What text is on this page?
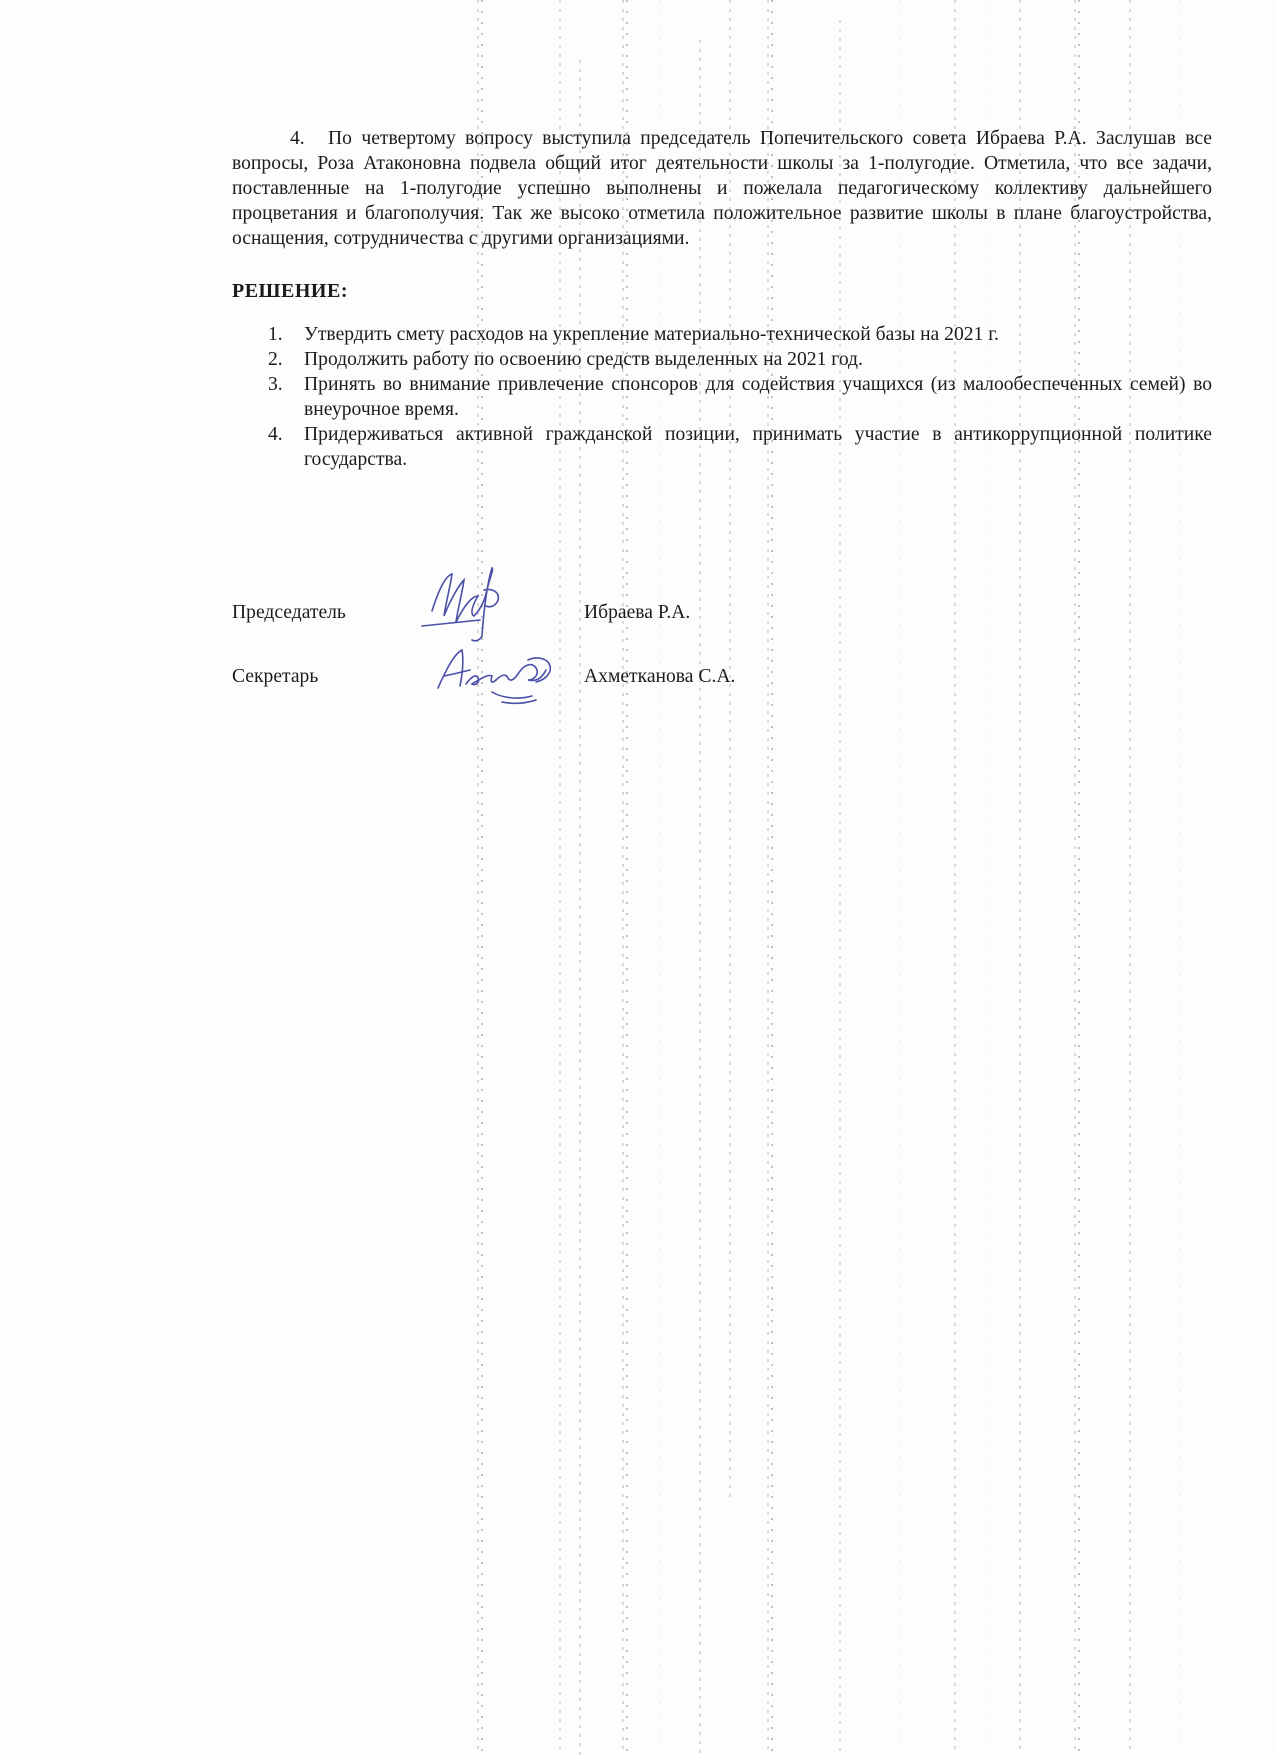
4. По четвертому вопросу выступила председатель Попечительского совета Ибраева Р.А. Заслушав все вопросы, Роза Атаконовна подвела общий итог деятельности школы за 1-полугодие. Отметила, что все задачи, поставленные на 1-полугодие успешно выполнены и пожелала педагогическому коллективу дальнейшего процветания и благополучия. Так же высоко отметила положительное развитие школы в плане благоустройства, оснащения, сотрудничества с другими организациями.

РЕШЕНИЕ:
1. Утвердить смету расходов на укрепление материально-технической базы на 2021 г.
2. Продолжить работу по освоению средств выделенных на 2021 год.
3. Принять во внимание привлечение спонсоров для содействия учащихся (из малообеспеченных семей) во внеурочное время.
4. Придерживаться активной гражданской позиции, принимать участие в антикоррупционной политике государства.
Председатель	Ибраева Р.А.
Секретарь	Ахметканова С.А.
